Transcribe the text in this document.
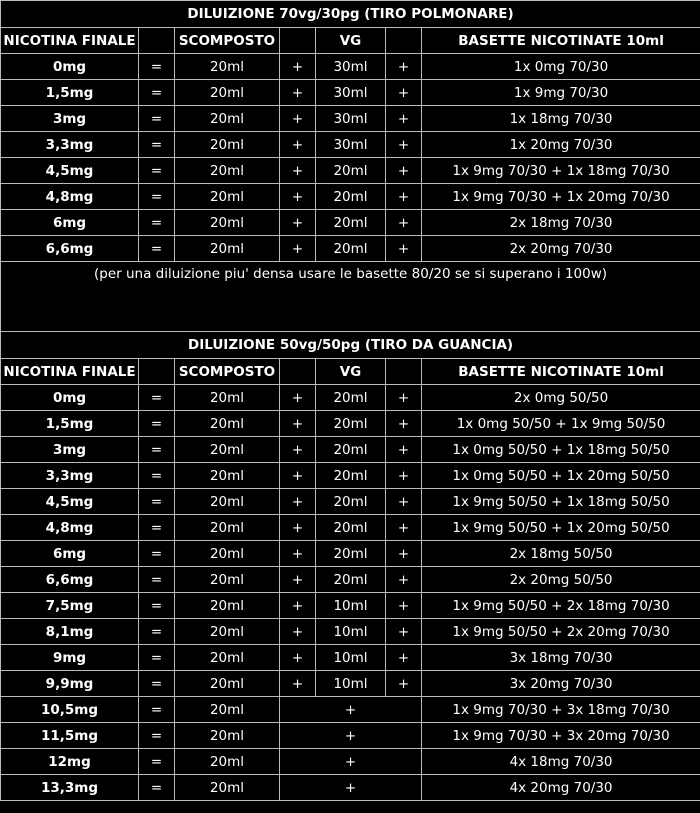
DILUIZIONE 70vg/30pg (TIRO POLMONARE)						
NICOTINA FINALE		SCOMPOSTO		VG		BASETTE NICOTINATE 10ml
0mg	=	20ml	+	30ml	+	1x 0mg 70/30
1,5mg	=	20ml	+	30ml	+	1x 9mg 70/30
3mg	=	20ml	+	30ml	+	1x 18mg 70/30
3,3mg	=	20ml	+	30ml	+	1x 20mg 70/30
4,5mg	=	20ml	+	20ml	+	1x 9mg 70/30 + 1x 18mg 70/30
4,8mg	=	20ml	+	20ml	+	1x 9mg 70/30 + 1x 20mg 70/30
6mg	=	20ml	+	20ml	+	2x 18mg 70/30
6,6mg	=	20ml	+	20ml	+	2x 20mg 70/30
(per una diluizione piu' densa usare le basette 80/20 se si superano i 100w)						

DILUIZIONE 50vg/50pg (TIRO DA GUANCIA)						
NICOTINA FINALE		SCOMPOSTO		VG		BASETTE NICOTINATE 10ml
0mg	=	20ml	+	20ml	+	2x 0mg 50/50
1,5mg	=	20ml	+	20ml	+	1x 0mg 50/50 + 1x 9mg 50/50
3mg	=	20ml	+	20ml	+	1x 0mg 50/50 + 1x 18mg 50/50
3,3mg	=	20ml	+	20ml	+	1x 0mg 50/50 + 1x 20mg 50/50
4,5mg	=	20ml	+	20ml	+	1x 9mg 50/50 + 1x 18mg 50/50
4,8mg	=	20ml	+	20ml	+	1x 9mg 50/50 + 1x 20mg 50/50
6mg	=	20ml	+	20ml	+	2x 18mg 50/50
6,6mg	=	20ml	+	20ml	+	2x 20mg 50/50
7,5mg	=	20ml	+	10ml	+	1x 9mg 50/50 + 2x 18mg 70/30
8,1mg	=	20ml	+	10ml	+	1x 9mg 50/50 + 2x 20mg 70/30
9mg	=	20ml	+	10ml	+	3x 18mg 70/30
9,9mg	=	20ml	+	10ml	+	3x 20mg 70/30
10,5mg	=	20ml	+			1x 9mg 70/30 + 3x 18mg 70/30
11,5mg	=	20ml	+			1x 9mg 70/30 + 3x 20mg 70/30
12mg	=	20ml	+			4x 18mg 70/30
13,3mg	=	20ml	+			4x 20mg 70/30
